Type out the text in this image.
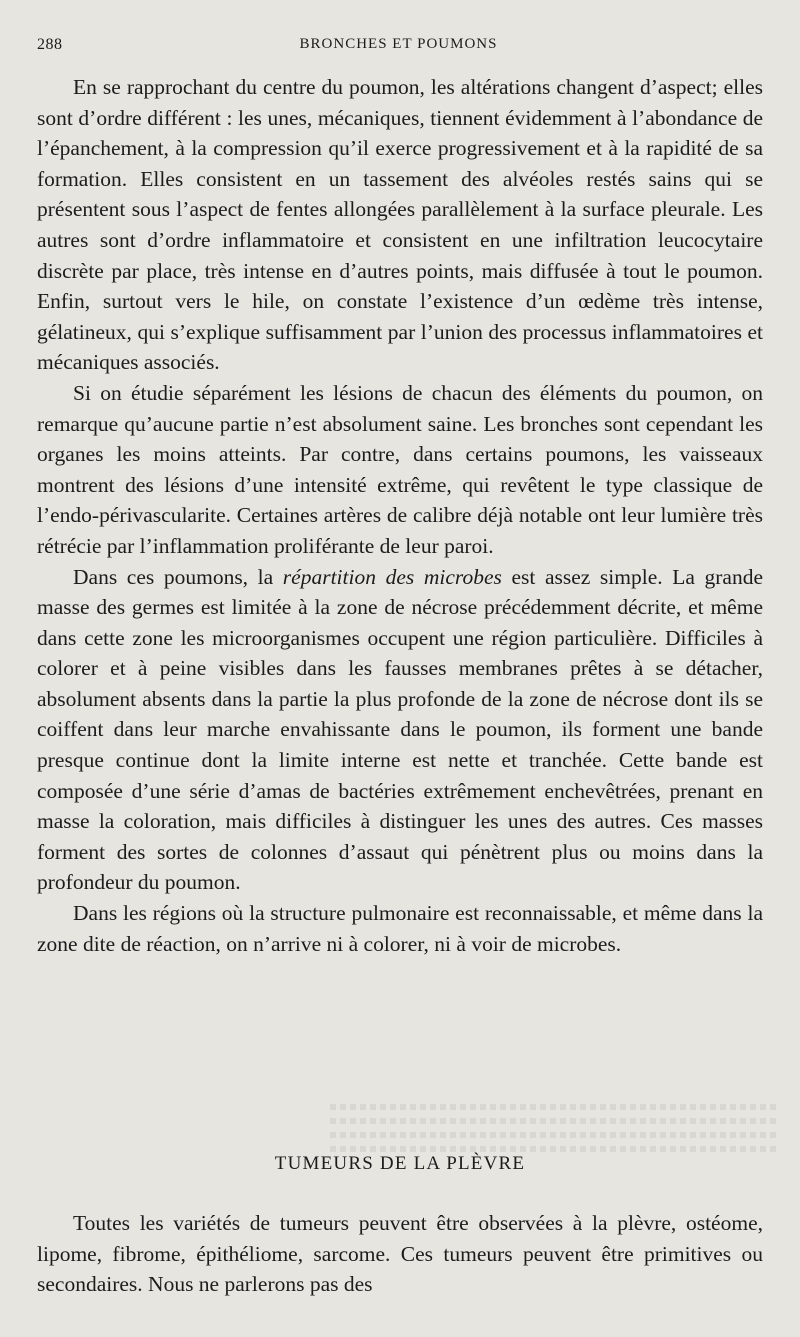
288	BRONCHES ET POUMONS

En se rapprochant du centre du poumon, les altérations changent d’aspect; elles sont d’ordre différent : les unes, mécaniques, tiennent évidemment à l’abondance de l’épanchement, à la compression qu’il exerce progressivement et à la rapidité de sa formation. Elles consistent en un tassement des alvéoles restés sains qui se présentent sous l’aspect de fentes allongées parallèlement à la surface pleurale. Les autres sont d’ordre inflammatoire et consistent en une infiltration leucocytaire discrète par place, très intense en d’autres points, mais diffusée à tout le poumon. Enfin, surtout vers le hile, on constate l’existence d’un œdème très intense, gélatineux, qui s’explique suffisamment par l’union des processus inflammatoires et mécaniques associés.

Si on étudie séparément les lésions de chacun des éléments du poumon, on remarque qu’aucune partie n’est absolument saine. Les bronches sont cependant les organes les moins atteints. Par contre, dans certains poumons, les vaisseaux montrent des lésions d’une intensité extrême, qui revêtent le type classique de l’endo-périvascularite. Certaines artères de calibre déjà notable ont leur lumière très rétrécie par l’inflammation proliférante de leur paroi.

Dans ces poumons, la répartition des microbes est assez simple. La grande masse des germes est limitée à la zone de nécrose précédemment décrite, et même dans cette zone les microorganismes occupent une région particulière. Difficiles à colorer et à peine visibles dans les fausses membranes prêtes à se détacher, absolument absents dans la partie la plus profonde de la zone de nécrose dont ils se coiffent dans leur marche envahissante dans le poumon, ils forment une bande presque continue dont la limite interne est nette et tranchée. Cette bande est composée d’une série d’amas de bactéries extrêmement enchevêtrées, prenant en masse la coloration, mais difficiles à distinguer les unes des autres. Ces masses forment des sortes de colonnes d’assaut qui pénètrent plus ou moins dans la profondeur du poumon.

Dans les régions où la structure pulmonaire est reconnaissable, et même dans la zone dite de réaction, on n’arrive ni à colorer, ni à voir de microbes.

TUMEURS DE LA PLÈVRE

Toutes les variétés de tumeurs peuvent être observées à la plèvre, ostéome, lipome, fibrome, épithéliome, sarcome. Ces tumeurs peuvent être primitives ou secondaires. Nous ne parlerons pas des
